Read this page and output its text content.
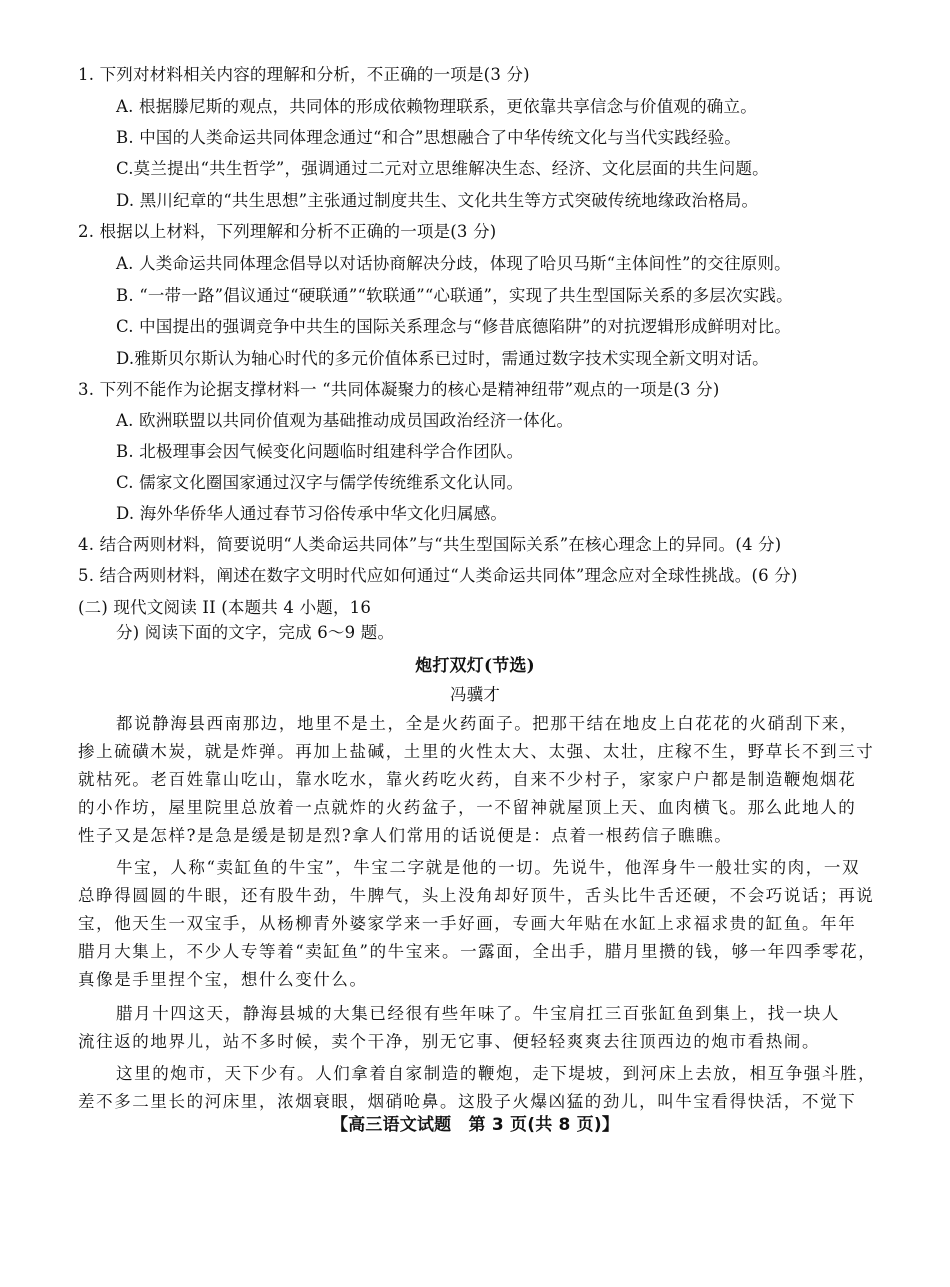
1. 下列对材料相关内容的理解和分析，不正确的一项是(3 分)
A. 根据滕尼斯的观点，共同体的形成依赖物理联系，更依靠共享信念与价值观的确立。
B. 中国的人类命运共同体理念通过“和合”思想融合了中华传统文化与当代实践经验。
C.莫兰提出“共生哲学”，强调通过二元对立思维解决生态、经济、文化层面的共生问题。
D. 黑川纪章的“共生思想”主张通过制度共生、文化共生等方式突破传统地缘政治格局。
2. 根据以上材料，下列理解和分析不正确的一项是(3 分)
A. 人类命运共同体理念倡导以对话协商解决分歧，体现了哈贝马斯“主体间性”的交往原则。
B. “一带一路”倡议通过“硬联通”“软联通”“心联通”，实现了共生型国际关系的多层次实践。
C. 中国提出的强调竞争中共生的国际关系理念与“修昔底德陷阱”的对抗逻辑形成鲜明对比。
D.雅斯贝尔斯认为轴心时代的多元价值体系已过时，需通过数字技术实现全新文明对话。
3. 下列不能作为论据支撑材料一 “共同体凝聚力的核心是精神纽带”观点的一项是(3 分)
A. 欧洲联盟以共同价值观为基础推动成员国政治经济一体化。
B. 北极理事会因气候变化问题临时组建科学合作团队。
C. 儒家文化圈国家通过汉字与儒学传统维系文化认同。
D. 海外华侨华人通过春节习俗传承中华文化归属感。
4. 结合两则材料，简要说明“人类命运共同体”与“共生型国际关系”在核心理念上的异同。(4 分)
5. 结合两则材料，阐述在数字文明时代应如何通过“人类命运共同体”理念应对全球性挑战。(6 分)
(二) 现代文阅读 II (本题共 4 小题，16
分) 阅读下面的文字，完成 6～9 题。
炮打双灯(节选)
冯骥才
都说静海县西南那边，地里不是土，全是火药面子。把那干结在地皮上白花花的火硝刮下来，
掺上硫磺木炭，就是炸弹。再加上盐碱，土里的火性太大、太强、太壮，庄稼不生，野草长不到三寸
就枯死。老百姓靠山吃山，靠水吃水，靠火药吃火药，自来不少村子，家家户户都是制造鞭炮烟花
的小作坊，屋里院里总放着一点就炸的火药盆子，一不留神就屋顶上天、血肉横飞。那么此地人的
性子又是怎样?是急是缓是韧是烈?拿人们常用的话说便是：点着一根药信子瞧瞧。
牛宝，人称“卖缸鱼的牛宝”，牛宝二字就是他的一切。先说牛，他浑身牛一般壮实的肉，一双
总睁得圆圆的牛眼，还有股牛劲，牛脾气，头上没角却好顶牛，舌头比牛舌还硬，不会巧说话；再说
宝，他天生一双宝手，从杨柳青外婆家学来一手好画，专画大年贴在水缸上求福求贵的缸鱼。年年
腊月大集上，不少人专等着“卖缸鱼”的牛宝来。一露面，全出手，腊月里攒的钱，够一年四季零花，
真像是手里捏个宝，想什么变什么。
腊月十四这天，静海县城的大集已经很有些年味了。牛宝肩扛三百张缸鱼到集上，找一块人
流往返的地界儿，站不多时候，卖个干净，别无它事、便轻轻爽爽去往顶西边的炮市看热闹。
这里的炮市，天下少有。人们拿着自家制造的鞭炮，走下堤坡，到河床上去放，相互争强斗胜，
差不多二里长的河床里，浓烟衰眼，烟硝呛鼻。这股子火爆凶猛的劲儿，叫牛宝看得快活，不觉下
【高三语文试题　第 3 页(共 8 页)】
